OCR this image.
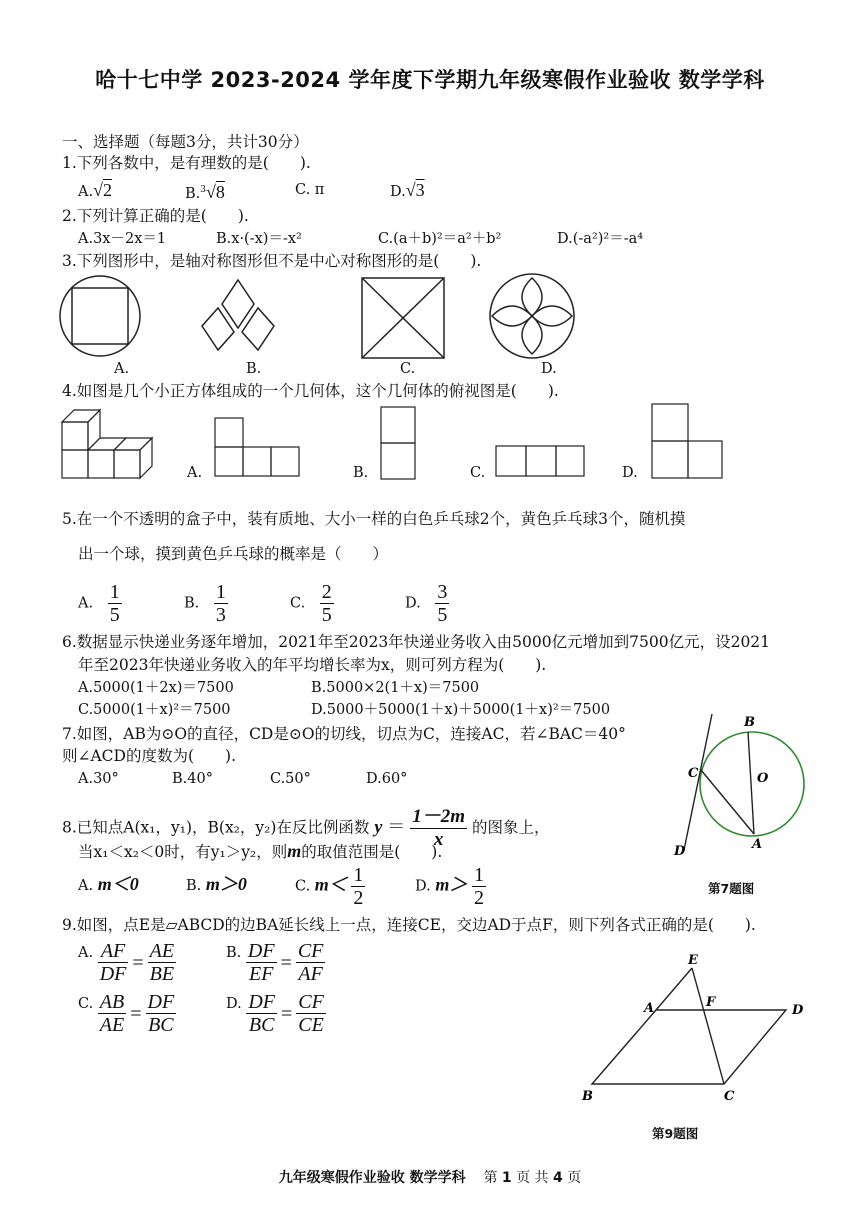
哈十七中学 2023-2024 学年度下学期九年级寒假作业验收 数学学科
一、选择题（每题3分，共计30分）
1.下列各数中，是有理数的是(　　).
A.√2	B.$^3$√8	C. π	D.√3
2.下列计算正确的是(　　).
A.3x－2x＝1	B.x·(-x)＝-x²	C.(a＋b)²＝a²＋b²	D.(-a²)²＝-a⁴
3.下列图形中，是轴对称图形但不是中心对称图形的是(　　).
A.	B.	C.	D.
4.如图是几个小正方体组成的一个几何体，这个几何体的俯视图是(　　).
A.	B.	C.	D.
5.在一个不透明的盒子中，装有质地、大小一样的白色乒乓球2个，黄色乒乓球3个，随机摸
出一个球，摸到黄色乒乓球的概率是（　　）
A. $\frac{1}{5}$	B. $\frac{1}{3}$	C. $\frac{2}{5}$	D. $\frac{3}{5}$
6.数据显示快递业务逐年增加，2021年至2023年快递业务收入由5000亿元增加到7500亿元，设2021
年至2023年快递业务收入的年平均增长率为x，则可列方程为(　　).
A.5000(1＋2x)＝7500	B.5000×2(1＋x)＝7500
C.5000(1＋x)²＝7500	D.5000＋5000(1＋x)＋5000(1＋x)²＝7500
7.如图，AB为⊙O的直径，CD是⊙O的切线，切点为C，连接AC，若∠BAC＝40°
则∠ACD的度数为(　　).
A.30°	B.40°	C.50°	D.60°
B
C	O
D	A
第7题图
8.已知点A(x₁，y₁)，B(x₂，y₂)在反比例函数 $y = \frac{1-2m}{x}$ 的图象上，
当x₁＜x₂＜0时，有y₁＞y₂，则m的取值范围是(　　).
A. m＜0	B. m＞0	C. $m< \frac{1}{2}$	D. $m> \frac{1}{2}$
9.如图，点E是▱ABCD的边BA延长线上一点，连接CE，交边AD于点F，则下列各式正确的是(　　).
A. $\frac{AF}{DF} = \frac{AE}{BE}$	B. $\frac{DF}{EF} = \frac{CF}{AF}$
C. $\frac{AB}{AE} = \frac{DF}{BC}$	D. $\frac{DF}{BC} = \frac{CF}{CE}$
E
A	F
D
B	C
第9题图
九年级寒假作业验收 数学学科 第 1 页 共 4 页
